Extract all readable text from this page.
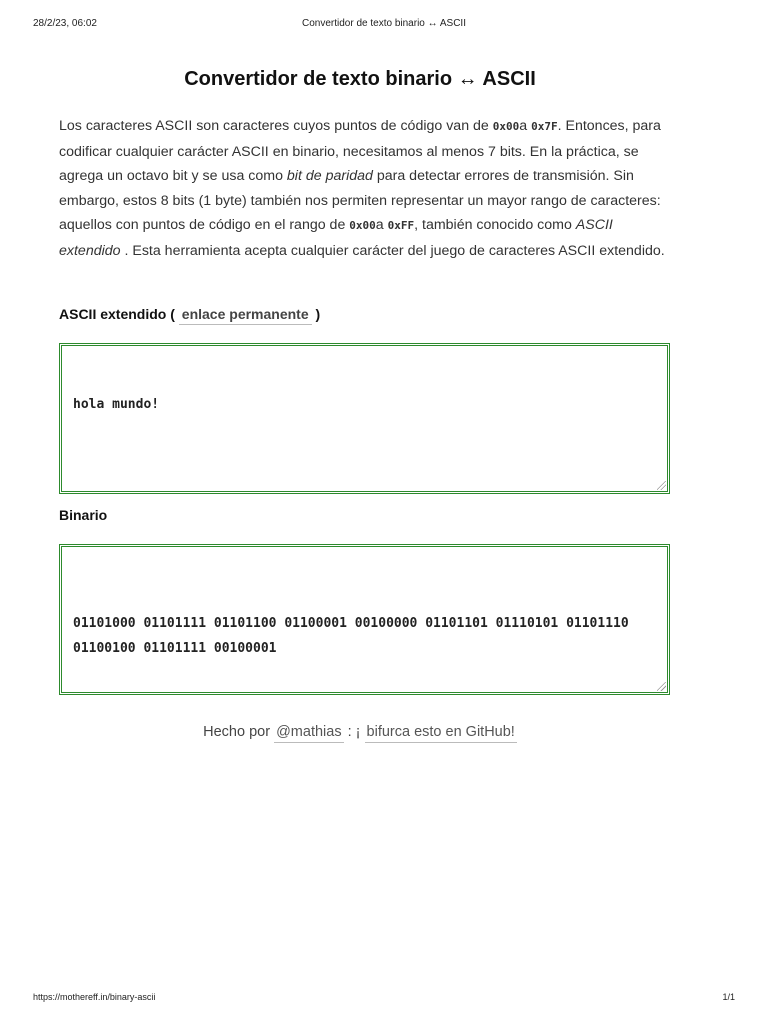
28/2/23, 06:02	Convertidor de texto binario ↔ ASCII
Convertidor de texto binario ↔ ASCII

Los caracteres ASCII son caracteres cuyos puntos de código van de 0x00a 0x7F. Entonces, para codificar cualquier carácter ASCII en binario, necesitamos al menos 7 bits. En la práctica, se agrega un octavo bit y se usa como bit de paridad para detectar errores de transmisión. Sin embargo, estos 8 bits (1 byte) también nos permiten representar un mayor rango de caracteres: aquellos con puntos de código en el rango de 0x00a 0xFF, también conocido como ASCII extendido . Esta herramienta acepta cualquier carácter del juego de caracteres ASCII extendido.

ASCII extendido ( enlace permanente )

hola mundo!

Binario

01101000 01101111 01101100 01100001 00100000 01101101 01110101 01101110 01100100 01101111 00100001

Hecho por @mathias : ¡ bifurca esto en GitHub!
https://mothereff.in/binary-ascii	1/1
